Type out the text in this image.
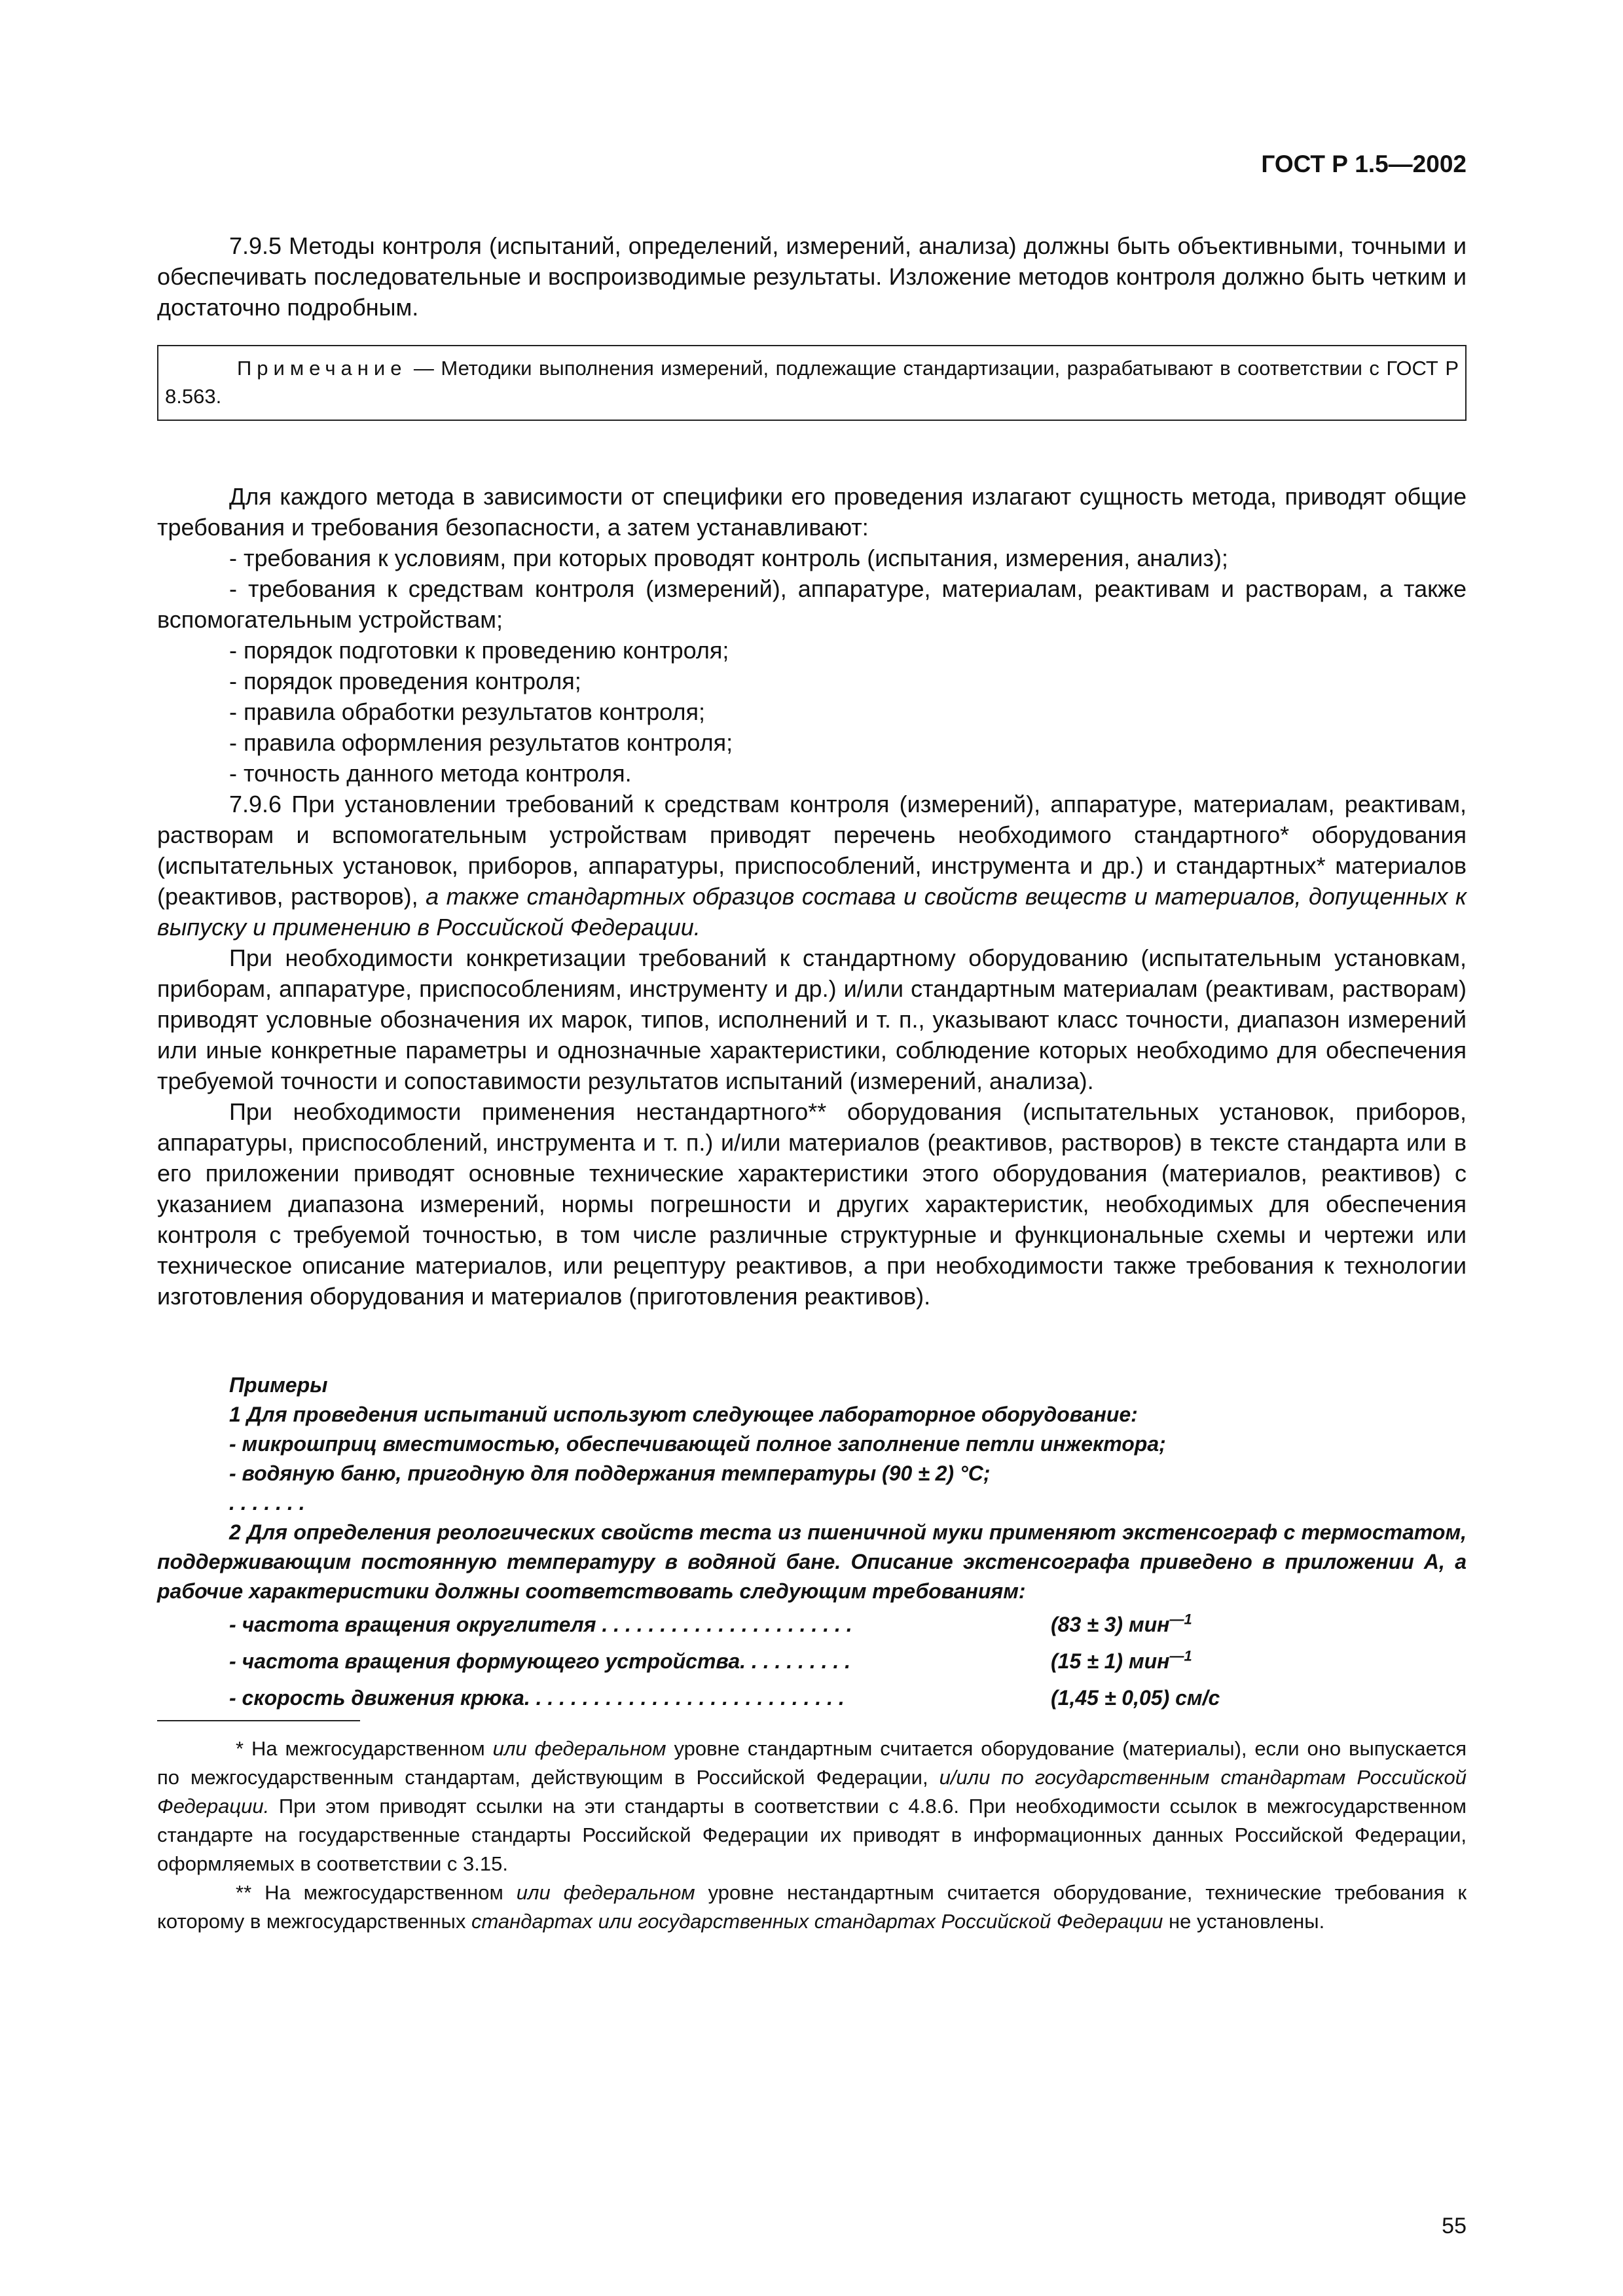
ГОСТ Р 1.5—2002

7.9.5 Методы контроля (испытаний, определений, измерений, анализа) должны быть объективными, точными и обеспечивать последовательные и воспроизводимые результаты. Изложение методов контроля должно быть четким и достаточно подробным.

Примечание — Методики выполнения измерений, подлежащие стандартизации, разрабатывают в соответствии с ГОСТ Р 8.563.

Для каждого метода в зависимости от специфики его проведения излагают сущность метода, приводят общие требования и требования безопасности, а затем устанавливают:

- требования к условиям, при которых проводят контроль (испытания, измерения, анализ);

- требования к средствам контроля (измерений), аппаратуре, материалам, реактивам и растворам, а также вспомогательным устройствам;

- порядок подготовки к проведению контроля;

- порядок проведения контроля;

- правила обработки результатов контроля;

- правила оформления результатов контроля;

- точность данного метода контроля.

7.9.6 При установлении требований к средствам контроля (измерений), аппаратуре, материалам, реактивам, растворам и вспомогательным устройствам приводят перечень необходимого стандартного* оборудования (испытательных установок, приборов, аппаратуры, приспособлений, инструмента и др.) и стандартных* материалов (реактивов, растворов), а также стандартных образцов состава и свойств веществ и материалов, допущенных к выпуску и применению в Российской Федерации.

При необходимости конкретизации требований к стандартному оборудованию (испытательным установкам, приборам, аппаратуре, приспособлениям, инструменту и др.) и/или стандартным материалам (реактивам, растворам) приводят условные обозначения их марок, типов, исполнений и т. п., указывают класс точности, диапазон измерений или иные конкретные параметры и однозначные характеристики, соблюдение которых необходимо для обеспечения требуемой точности и сопоставимости результатов испытаний (измерений, анализа).

При необходимости применения нестандартного** оборудования (испытательных установок, приборов, аппаратуры, приспособлений, инструмента и т. п.) и/или материалов (реактивов, растворов) в тексте стандарта или в его приложении приводят основные технические характеристики этого оборудования (материалов, реактивов) с указанием диапазона измерений, нормы погрешности и других характеристик, необходимых для обеспечения контроля с требуемой точностью, в том числе различные структурные и функциональные схемы и чертежи или техническое описание материалов, или рецептуру реактивов, а при необходимости также требования к технологии изготовления оборудования и материалов (приготовления реактивов).

Примеры

1 Для проведения испытаний используют следующее лабораторное оборудование:

- микрошприц вместимостью, обеспечивающей полное заполнение петли инжектора;

- водяную баню, пригодную для поддержания температуры (90 ± 2) °С;

. . . . . . .

2 Для определения реологических свойств теста из пшеничной муки применяют экстенсограф с термостатом, поддерживающим постоянную температуру в водяной бане. Описание экстенсографа приведено в приложении А, а рабочие характеристики должны соответствовать следующим требованиям:

- частота вращения округлителя . . . . . . . . . . . . . . . . . . . . . .	(83 ± 3) мин$^{—1}$
- частота вращения формующего устройства. . . . . . . . . .	(15 ± 1) мин$^{—1}$
- скорость движения крюка. . . . . . . . . . . . . . . . . . . . . . . . . . . .	(1,45 ± 0,05) см/с

* На межгосударственном или федеральном уровне стандартным считается оборудование (материалы), если оно выпускается по межгосударственным стандартам, действующим в Российской Федерации, и/или по государственным стандартам Российской Федерации. При этом приводят ссылки на эти стандарты в соответствии с 4.8.6. При необходимости ссылок в межгосударственном стандарте на государственные стандарты Российской Федерации их приводят в информационных данных Российской Федерации, оформляемых в соответствии с 3.15.

** На межгосударственном или федеральном уровне нестандартным считается оборудование, технические требования к которому в межгосударственных стандартах или государственных стандартах Российской Федерации не установлены.

55
